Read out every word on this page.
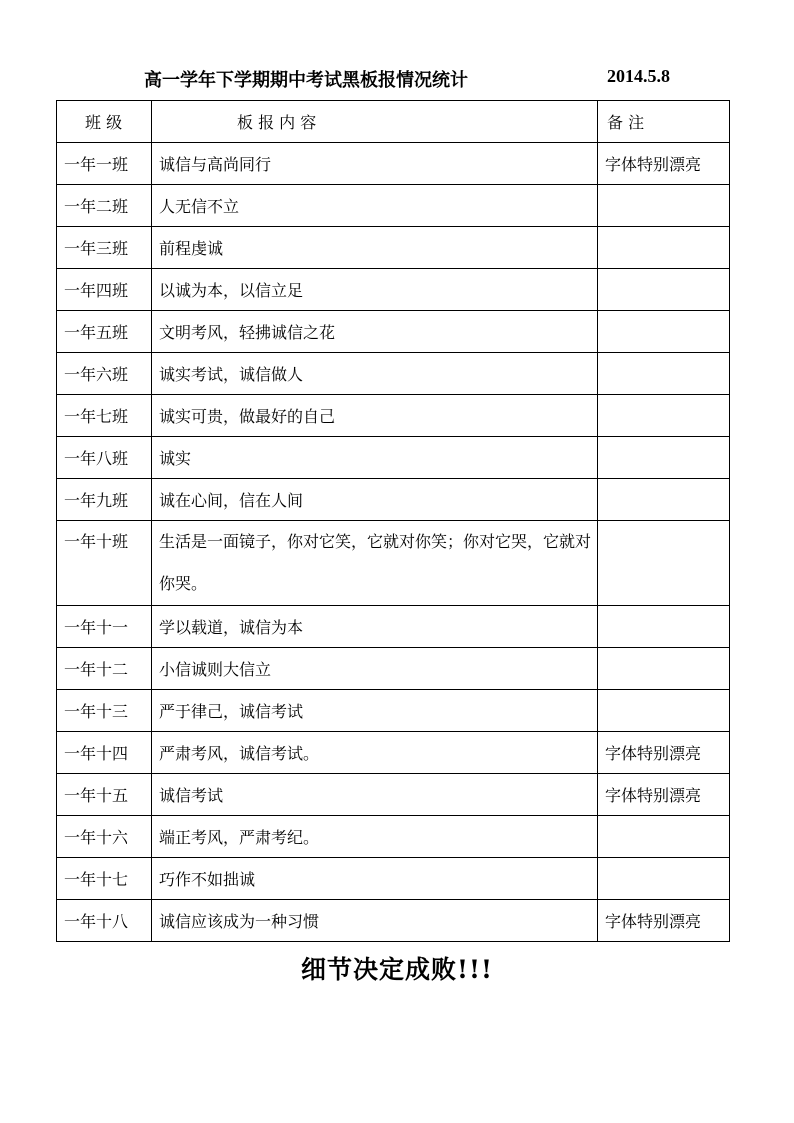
高一学年下学期期中考试黑板报情况统计	2014.5.8
班 级	板 报 内 容	备 注
一年一班	诚信与高尚同行	字体特别漂亮
一年二班	人无信不立	
一年三班	前程虔诚	
一年四班	以诚为本，以信立足	
一年五班	文明考风，轻拂诚信之花	
一年六班	诚实考试，诚信做人	
一年七班	诚实可贵，做最好的自己	
一年八班	诚实	
一年九班	诚在心间，信在人间	
一年十班	生活是一面镜子，你对它笑，它就对你笑；你对它哭，它就对你哭。	
一年十一	学以载道，诚信为本	
一年十二	小信诚则大信立	
一年十三	严于律己，诚信考试	
一年十四	严肃考风，诚信考试。	字体特别漂亮
一年十五	诚信考试	字体特别漂亮
一年十六	端正考风，严肃考纪。	
一年十七	巧作不如拙诚	
一年十八	诚信应该成为一种习惯	字体特别漂亮
细节决定成败!!!
